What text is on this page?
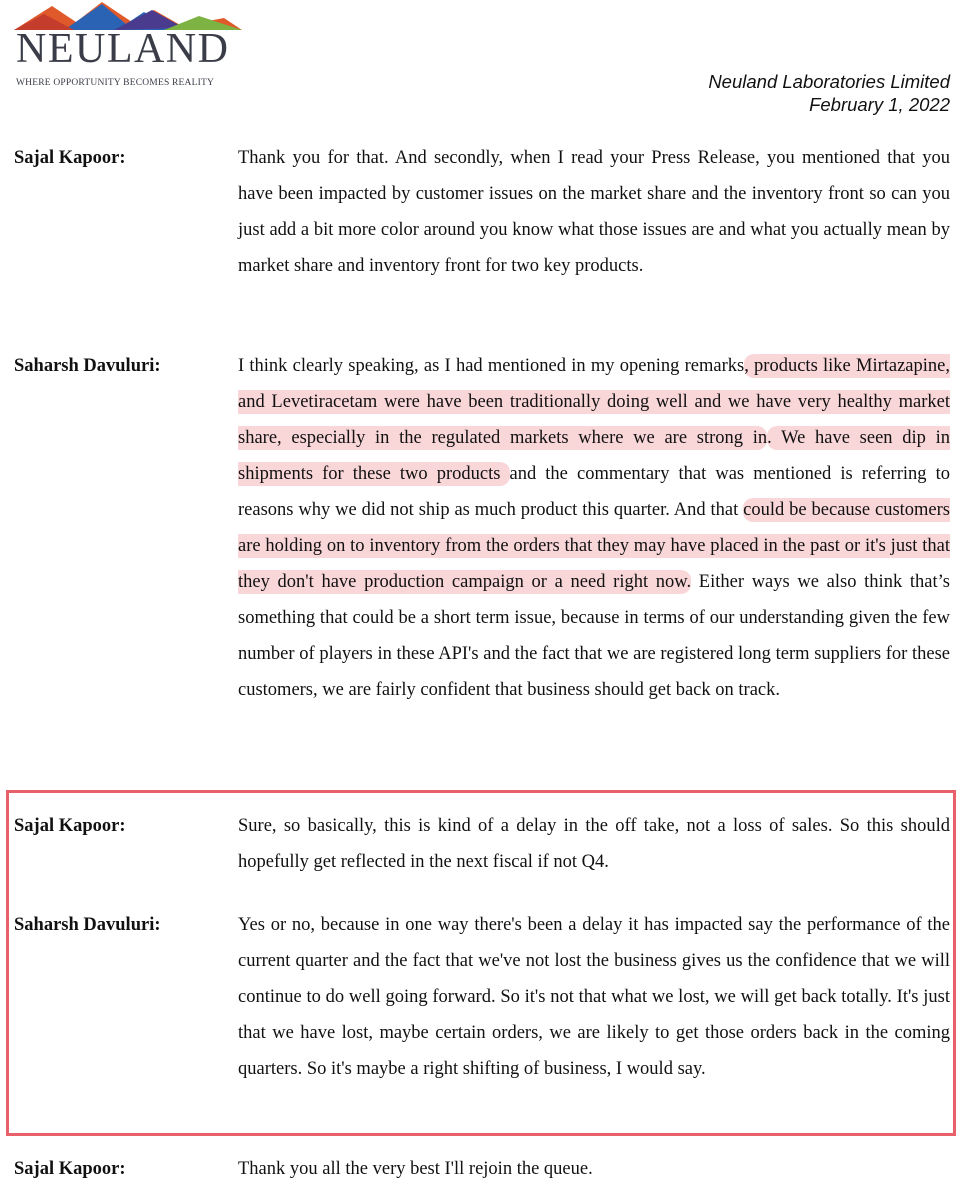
NEULAND
WHERE OPPORTUNITY BECOMES REALITY	Neuland Laboratories Limited
February 1, 2022
Sajal Kapoor:	Thank you for that. And secondly, when I read your Press Release, you mentioned that you have been impacted by customer issues on the market share and the inventory front so can you just add a bit more color around you know what those issues are and what you actually mean by market share and inventory front for two key products.

Saharsh Davuluri:	I think clearly speaking, as I had mentioned in my opening remarks, products like Mirtazapine, and Levetiracetam were have been traditionally doing well and we have very healthy market share, especially in the regulated markets where we are strong in. We have seen dip in shipments for these two products and the commentary that was mentioned is referring to reasons why we did not ship as much product this quarter. And that could be because customers are holding on to inventory from the orders that they may have placed in the past or it's just that they don't have production campaign or a need right now. Either ways we also think that’s something that could be a short term issue, because in terms of our understanding given the few number of players in these API's and the fact that we are registered long term suppliers for these customers, we are fairly confident that business should get back on track.

Sajal Kapoor:	Sure, so basically, this is kind of a delay in the off take, not a loss of sales. So this should hopefully get reflected in the next fiscal if not Q4.

Saharsh Davuluri:	Yes or no, because in one way there's been a delay it has impacted say the performance of the current quarter and the fact that we've not lost the business gives us the confidence that we will continue to do well going forward. So it's not that what we lost, we will get back totally. It's just that we have lost, maybe certain orders, we are likely to get those orders back in the coming quarters. So it's maybe a right shifting of business, I would say.

Sajal Kapoor:	Thank you all the very best I'll rejoin the queue.
